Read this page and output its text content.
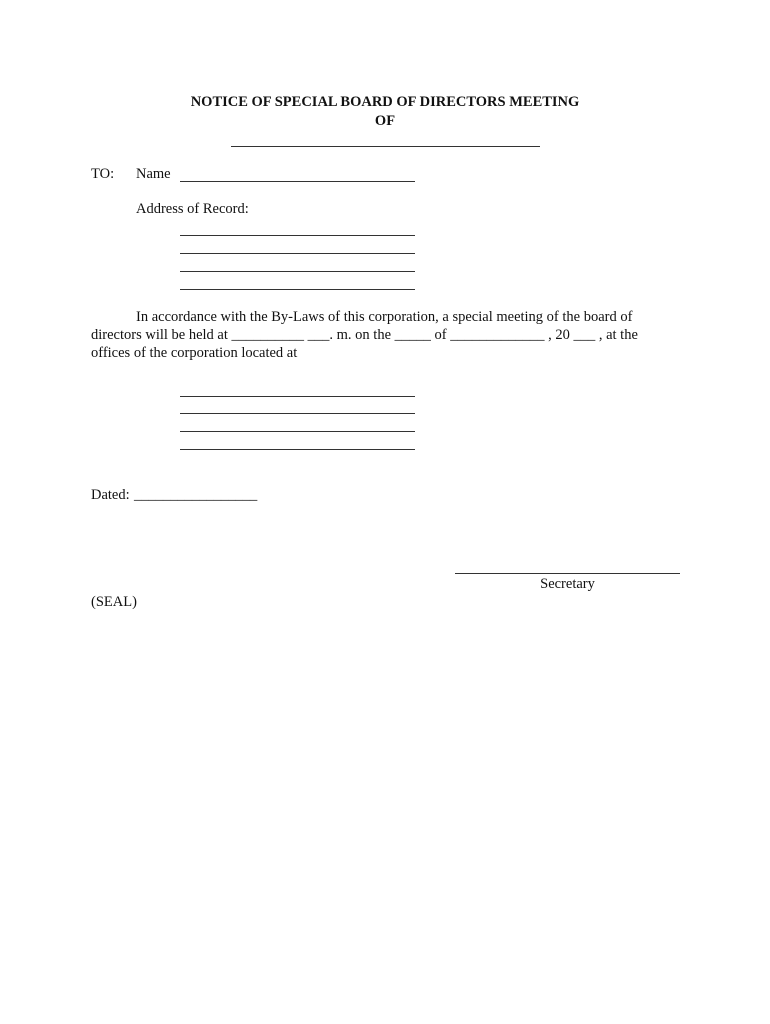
NOTICE OF SPECIAL BOARD OF DIRECTORS MEETING
OF
TO: Name
Address of Record:
In accordance with the By-Laws of this corporation, a special meeting of the board of
directors will be held at __________ ___. m. on the _____ of _____________ , 20 ___ , at the
offices of the corporation located at
Dated: _________________
Secretary
(SEAL)
